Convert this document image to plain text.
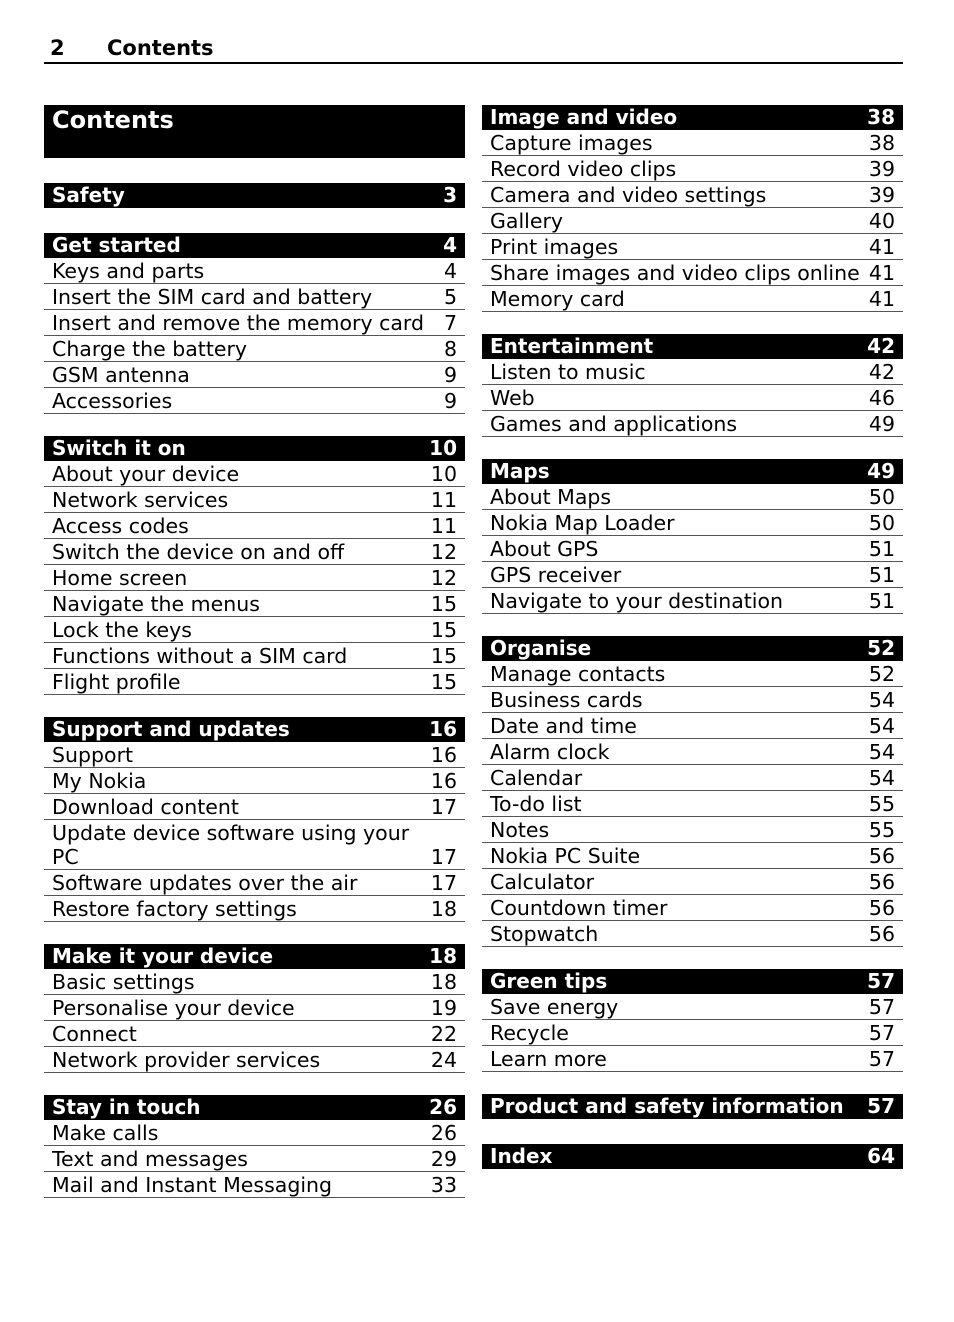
2 Contents
Contents
Safety	3
Get started	4
Keys and parts	4
Insert the SIM card and battery	5
Insert and remove the memory card 7
Charge the battery	8
GSM antenna	9
Accessories	9
Switch it on	10
About your device	10
Network services	11
Access codes	11
Switch the device on and off	12
Home screen	12
Navigate the menus	15
Lock the keys	15
Functions without a SIM card	15
Flight profile	15
Support and updates	16
Support	16
My Nokia	16
Download content	17
Update device software using your PC	17
Software updates over the air	17
Restore factory settings	18
Make it your device	18
Basic settings	18
Personalise your device	19
Connect	22
Network provider services	24
Stay in touch	26
Make calls	26
Text and messages	29
Mail and Instant Messaging	33
Image and video	38
Capture images	38
Record video clips	39
Camera and video settings	39
Gallery	40
Print images	41
Share images and video clips online 41
Memory card	41
Entertainment	42
Listen to music	42
Web	46
Games and applications	49
Maps	49
About Maps	50
Nokia Map Loader	50
About GPS	51
GPS receiver	51
Navigate to your destination	51
Organise	52
Manage contacts	52
Business cards	54
Date and time	54
Alarm clock	54
Calendar	54
To-do list	55
Notes	55
Nokia PC Suite	56
Calculator	56
Countdown timer	56
Stopwatch	56
Green tips	57
Save energy	57
Recycle	57
Learn more	57
Product and safety information 57
Index	64
